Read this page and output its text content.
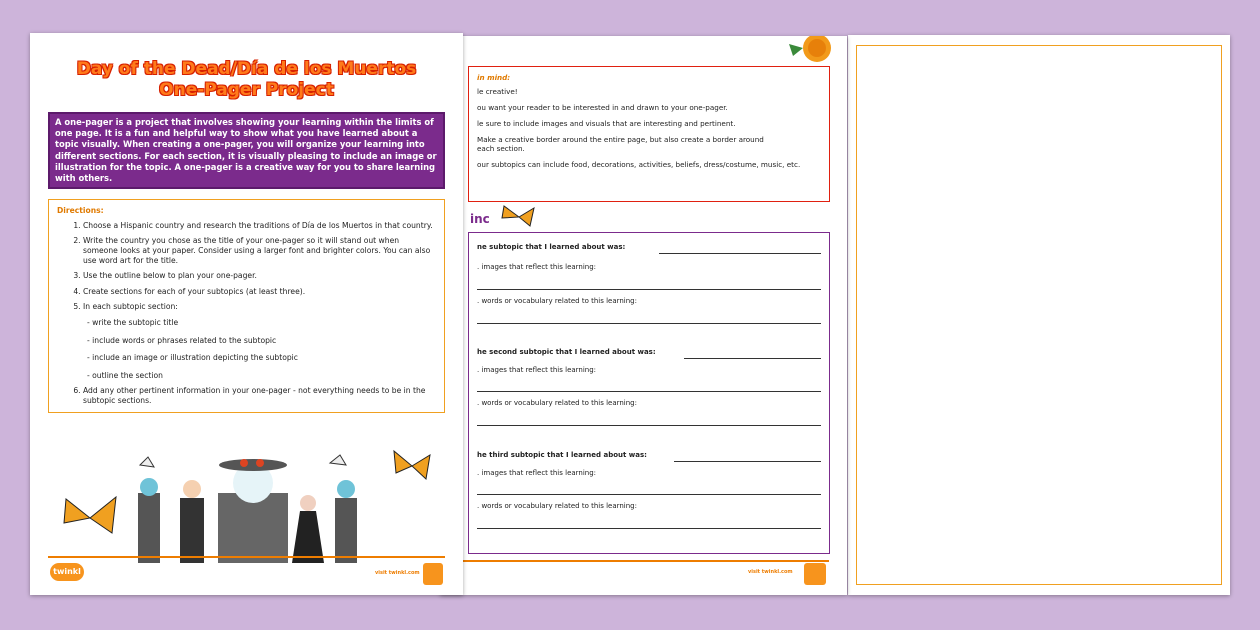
in mind:

le creative!

ou want your reader to be interested in and drawn to your one-pager.

le sure to include images and visuals that are interesting and pertinent.

Make a creative border around the entire page, but also create a border around each section.

our subtopics can include food, decorations, activities, beliefs, dress/costume, music, etc.

inc
ne subtopic that I learned about was:
. images that reflect this learning:
. words or vocabulary related to this learning:
he second subtopic that I learned about was:
. images that reflect this learning:
. words or vocabulary related to this learning:
he third subtopic that I learned about was:
. images that reflect this learning:
. words or vocabulary related to this learning:
visit twinkl.com
Day of the Dead/Día de los Muertos
One-Pager Project
A one-pager is a project that involves showing your learning within the limits of one page. It is a fun and helpful way to show what you have learned about a topic visually. When creating a one-pager, you will organize your learning into different sections. For each section, it is visually pleasing to include an image or illustration for the topic. A one-pager is a creative way for you to share learning with others.
Directions:
1. Choose a Hispanic country and research the traditions of Día de los Muertos in that country.
2. Write the country you chose as the title of your one-pager so it will stand out when someone looks at your paper. Consider using a larger font and brighter colors. You can also use word art for the title.
3. Use the outline below to plan your one-pager.
4. Create sections for each of your subtopics (at least three).
5. In each subtopic section:
- write the subtopic title
- include words or phrases related to the subtopic
- include an image or illustration depicting the subtopic
- outline the section
6. Add any other pertinent information in your one-pager - not everything needs to be in the subtopic sections.
twinkl	visit twinkl.com
